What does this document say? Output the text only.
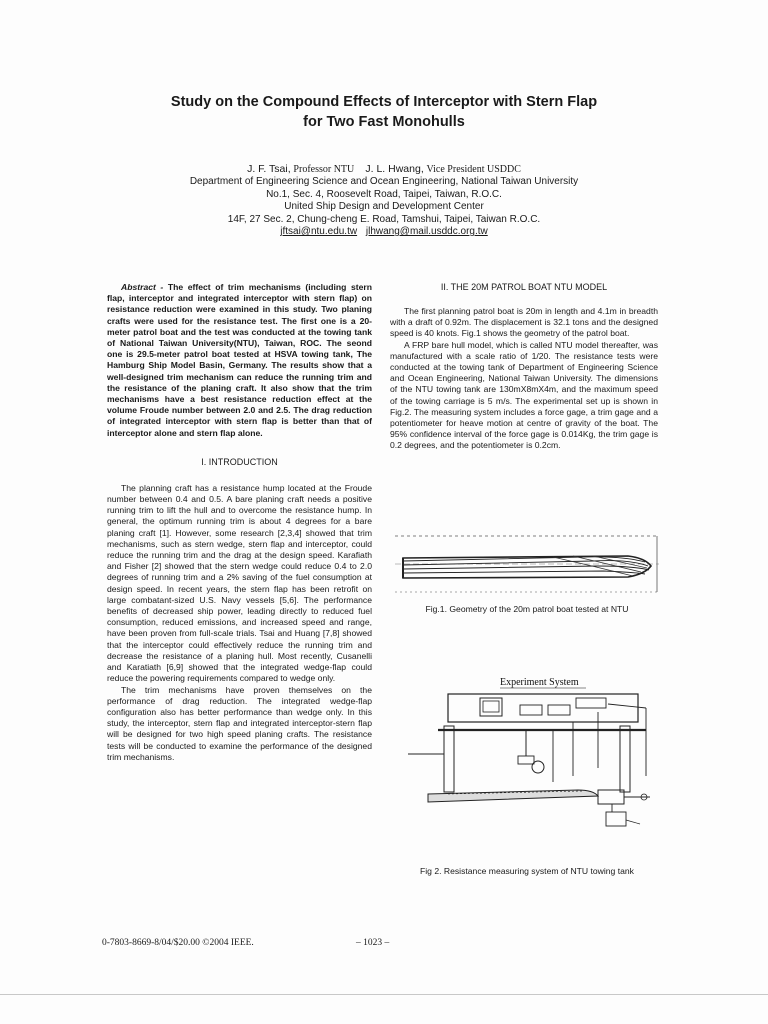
Study on the Compound Effects of Interceptor with Stern Flap
for Two Fast Monohulls
J. F. Tsai, Professor NTU J. L. Hwang, Vice President USDDC
Department of Engineering Science and Ocean Engineering, National Taiwan University
No.1, Sec. 4, Roosevelt Road, Taipei, Taiwan, R.O.C.
United Ship Design and Development Center
14F, 27 Sec. 2, Chung-cheng E. Road, Tamshui, Taipei, Taiwan R.O.C.
jftsai@ntu.edu.tw jlhwang@mail.usddc.org.tw

Abstract - The effect of trim mechanisms (including stern flap, interceptor and integrated interceptor with stern flap) on resistance reduction were examined in this study. Two planing crafts were used for the resistance test. The first one is a 20-meter patrol boat and the test was conducted at the towing tank of National Taiwan University(NTU), Taiwan, ROC. The seond one is 29.5-meter patrol boat tested at HSVA towing tank, The Hamburg Ship Model Basin, Germany. The results show that a well-designed trim mechanism can reduce the running trim and the resistance of the planing craft. It also show that the trim mechanisms have a best resistance reduction effect at the volume Froude number between 2.0 and 2.5. The drag reduction of integrated interceptor with stern flap is better than that of interceptor alone and stern flap alone.

I. INTRODUCTION

The planning craft has a resistance hump located at the Froude number between 0.4 and 0.5. A bare planing craft needs a positive running trim to lift the hull and to overcome the resistance hump. In general, the optimum running trim is about 4 degrees for a bare planing craft [1]. However, some research [2,3,4] showed that trim mechanisms, such as stern wedge, stern flap and interceptor, could reduce the running trim and the drag at the design speed. Karafiath and Fisher [2] showed that the stern wedge could reduce 0.4 to 2.0 degrees of running trim and a 2% saving of the fuel consumption at design speed. In recent years, the stern flap has been retrofit on large combatant-sized U.S. Navy vessels [5,6]. The performance benefits of decreased ship power, leading directly to reduced fuel consumption, reduced emissions, and increased speed and range, have been proven from full-scale trials. Tsai and Huang [7,8] showed that the interceptor could effectively reduce the running trim and decrease the resistance of a planing hull. Most recently, Cusanelli and Karatiath [6,9] showed that the integrated wedge-flap could reduce the powering requirements compared to wedge only.

The trim mechanisms have proven themselves on the performance of drag reduction. The integrated wedge-flap configuration also has better performance than wedge only. In this study, the interceptor, stern flap and integrated interceptor-stern flap will be designed for two high speed planing crafts. The resistance tests will be conducted to examine the performance of the designed trim mechanisms.

II. THE 20M PATROL BOAT NTU MODEL

The first planning patrol boat is 20m in length and 4.1m in breadth with a draft of 0.92m. The displacement is 32.1 tons and the designed speed is 40 knots. Fig.1 shows the geometry of the patrol boat.

A FRP bare hull model, which is called NTU model thereafter, was manufactured with a scale ratio of 1/20. The resistance tests were conducted at the towing tank of Department of Engineering Science and Ocean Engineering, National Taiwan University. The dimensions of the NTU towing tank are 130mX8mX4m, and the maximum speed of the towing carriage is 5 m/s. The experimental set up is shown in Fig.2. The measuring system includes a force gage, a trim gage and a potentiometer for heave motion at centre of gravity of the boat. The 95% confidence interval of the force gage is 0.014Kg, the trim gage is 0.2 degrees, and the potentiometer is 0.2cm.

Fig.1. Geometry of the 20m patrol boat tested at NTU
Experiment System
Fig 2. Resistance measuring system of NTU towing tank
0-7803-8669-8/04/$20.00 ©2004 IEEE.	– 1023 –
